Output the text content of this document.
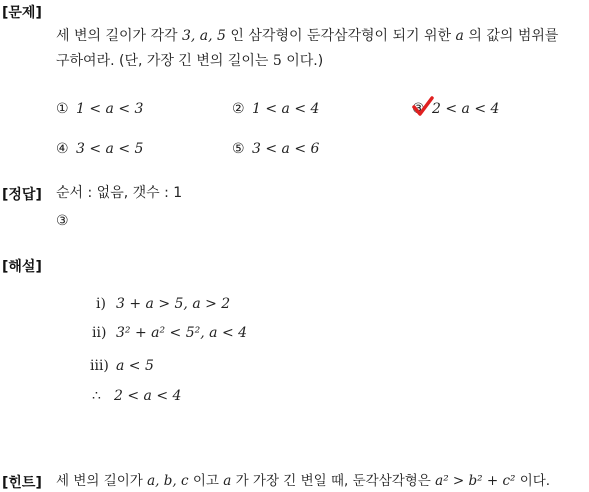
[문제]
세 변의 길이가 각각 3, a, 5 인 삼각형이 둔각삼각형이 되기 위한 a 의 값의 범위를
구하여라. (단, 가장 긴 변의 길이는 5 이다.)
① 1 < a < 3	② 1 < a < 4	③ 2 < a < 4
④ 3 < a < 5	⑤ 3 < a < 6
[정답] 순서 : 없음, 갯수 : 1
③
[해설]
ⅰ) 3 + a > 5, a > 2
ⅱ) 3² + a² < 5², a < 4
ⅲ) a < 5
∴ 2 < a < 4
[힌트] 세 변의 길이가 a, b, c 이고 a 가 가장 긴 변일 때, 둔각삼각형은 a² > b² + c² 이다.
